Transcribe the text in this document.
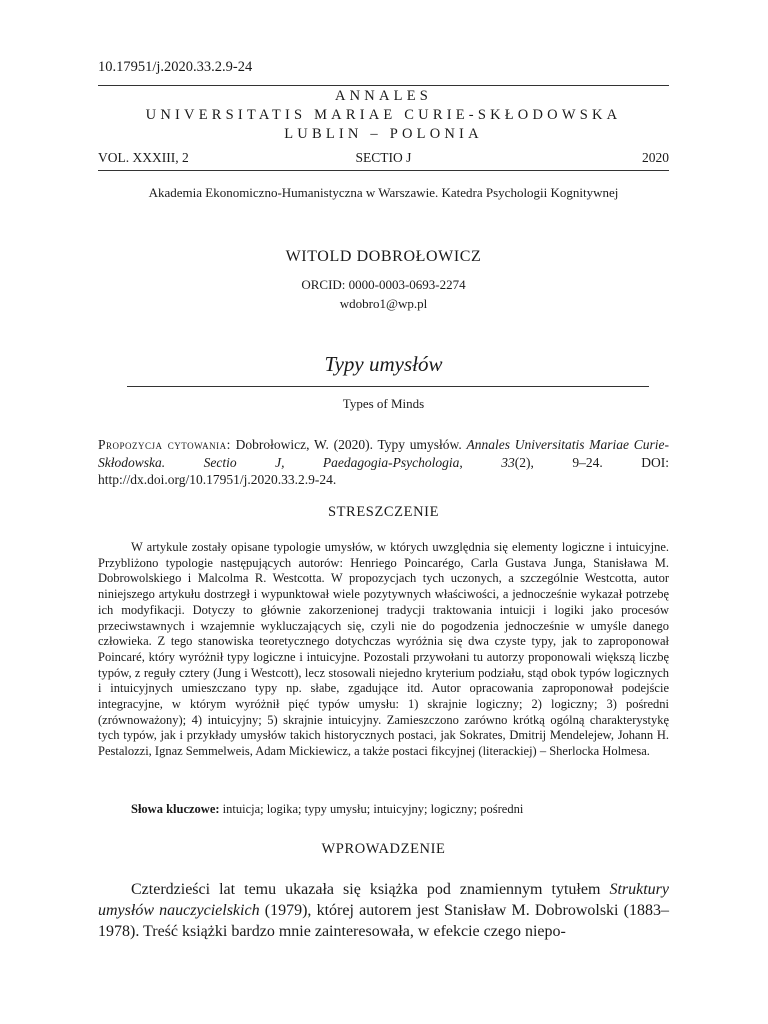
10.17951/j.2020.33.2.9-24
ANNALES
UNIVERSITATIS MARIAE CURIE-SKŁODOWSKA
LUBLIN – POLONIA
VOL. XXXIII, 2	SECTIO J	2020
Akademia Ekonomiczno-Humanistyczna w Warszawie. Katedra Psychologii Kognitywnej
WITOLD DOBROŁOWICZ
ORCID: 0000-0003-0693-2274
wdobro1@wp.pl
Typy umysłów
Types of Minds
Propozycja cytowania: Dobrołowicz, W. (2020). Typy umysłów. Annales Universitatis Mariae Curie-Skłodowska. Sectio J, Paedagogia-Psychologia, 33(2), 9–24. DOI: http://dx.doi.org/10.17951/j.2020.33.2.9-24.
STRESZCZENIE
W artykule zostały opisane typologie umysłów, w których uwzględnia się elementy logiczne i intuicyjne. Przybliżono typologie następujących autorów: Henriego Poincarégo, Carla Gustava Junga, Stanisława M. Dobrowolskiego i Malcolma R. Westcotta. W propozycjach tych uczonych, a szczególnie Westcotta, autor niniejszego artykułu dostrzegł i wypunktował wiele pozytywnych właściwości, a jednocześnie wykazał potrzebę ich modyfikacji. Dotyczy to głównie zakorzenionej tradycji traktowania intuicji i logiki jako procesów przeciwstawnych i wzajemnie wykluczających się, czyli nie do pogodzenia jednocześnie w umyśle danego człowieka. Z tego stanowiska teoretycznego dotychczas wyróżnia się dwa czyste typy, jak to zaproponował Poincaré, który wyróżnił typy logiczne i intuicyjne. Pozostali przywołani tu autorzy proponowali większą liczbę typów, z reguły cztery (Jung i Westcott), lecz stosowali niejedno kryterium podziału, stąd obok typów logicznych i intuicyjnych umieszczano typy np. słabe, zgadujące itd. Autor opracowania zaproponował podejście integracyjne, w którym wyróżnił pięć typów umysłu: 1) skrajnie logiczny; 2) logiczny; 3) pośredni (zrównoważony); 4) intuicyjny; 5) skrajnie intuicyjny. Zamieszczono zarówno krótką ogólną charakterystykę tych typów, jak i przykłady umysłów takich historycznych postaci, jak Sokrates, Dmitrij Mendelejew, Johann H. Pestalozzi, Ignaz Semmelweis, Adam Mickiewicz, a także postaci fikcyjnej (literackiej) – Sherlocka Holmesa.
Słowa kluczowe: intuicja; logika; typy umysłu; intuicyjny; logiczny; pośredni
WPROWADZENIE
Czterdzieści lat temu ukazała się książka pod znamiennym tytułem Struktury umysłów nauczycielskich (1979), której autorem jest Stanisław M. Dobrowolski (1883–1978). Treść książki bardzo mnie zainteresowała, w efekcie czego niepo-
